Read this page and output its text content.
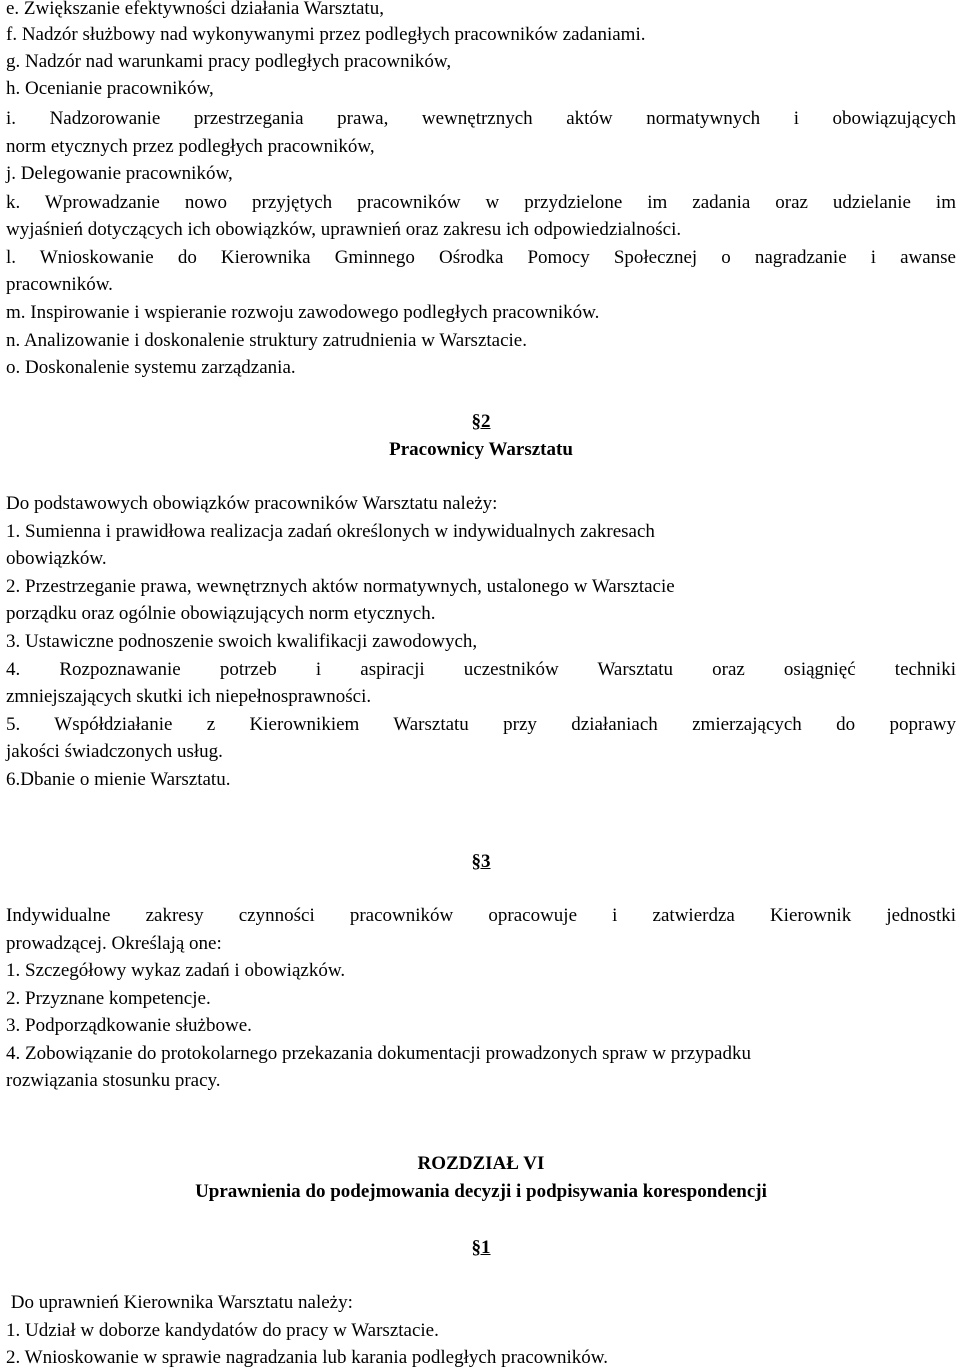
e. Zwiększanie efektywności działania Warsztatu,
f. Nadzór służbowy nad wykonywanymi przez podległych pracowników zadaniami.
g. Nadzór nad warunkami pracy podległych pracowników,
h. Ocenianie pracowników,
i. Nadzorowanie przestrzegania prawa, wewnętrznych aktów normatywnych i obowiązujących
norm etycznych przez podległych pracowników,
j. Delegowanie pracowników,
k. Wprowadzanie nowo przyjętych pracowników w przydzielone im zadania oraz udzielanie im
wyjaśnień dotyczących ich obowiązków, uprawnień oraz zakresu ich odpowiedzialności.
l. Wnioskowanie do Kierownika Gminnego Ośrodka Pomocy Społecznej o nagradzanie i awanse
pracowników.
m. Inspirowanie i wspieranie rozwoju zawodowego podległych pracowników.
n. Analizowanie i doskonalenie struktury zatrudnienia w Warsztacie.
o. Doskonalenie systemu zarządzania.
§2
Pracownicy Warsztatu
Do podstawowych obowiązków pracowników Warsztatu należy:
1. Sumienna i prawidłowa realizacja zadań określonych w indywidualnych zakresach
obowiązków.
2. Przestrzeganie prawa, wewnętrznych aktów normatywnych, ustalonego w Warsztacie
porządku oraz ogólnie obowiązujących norm etycznych.
3. Ustawiczne podnoszenie swoich kwalifikacji zawodowych,
4. Rozpoznawanie potrzeb i aspiracji uczestników Warsztatu oraz osiągnięć techniki
zmniejszających skutki ich niepełnosprawności.
5. Współdziałanie z Kierownikiem Warsztatu przy działaniach zmierzających do poprawy
jakości świadczonych usług.
6.Dbanie o mienie Warsztatu.
§3
Indywidualne zakresy czynności pracowników opracowuje i zatwierdza Kierownik jednostki
prowadzącej. Określają one:
1. Szczegółowy wykaz zadań i obowiązków.
2. Przyznane kompetencje.
3. Podporządkowanie służbowe.
4. Zobowiązanie do protokolarnego przekazania dokumentacji prowadzonych spraw w przypadku
rozwiązania stosunku pracy.
ROZDZIAŁ VI
Uprawnienia do podejmowania decyzji i podpisywania korespondencji
§1
Do uprawnień Kierownika Warsztatu należy:
1. Udział w doborze kandydatów do pracy w Warsztacie.
2. Wnioskowanie w sprawie nagradzania lub karania podległych pracowników.
